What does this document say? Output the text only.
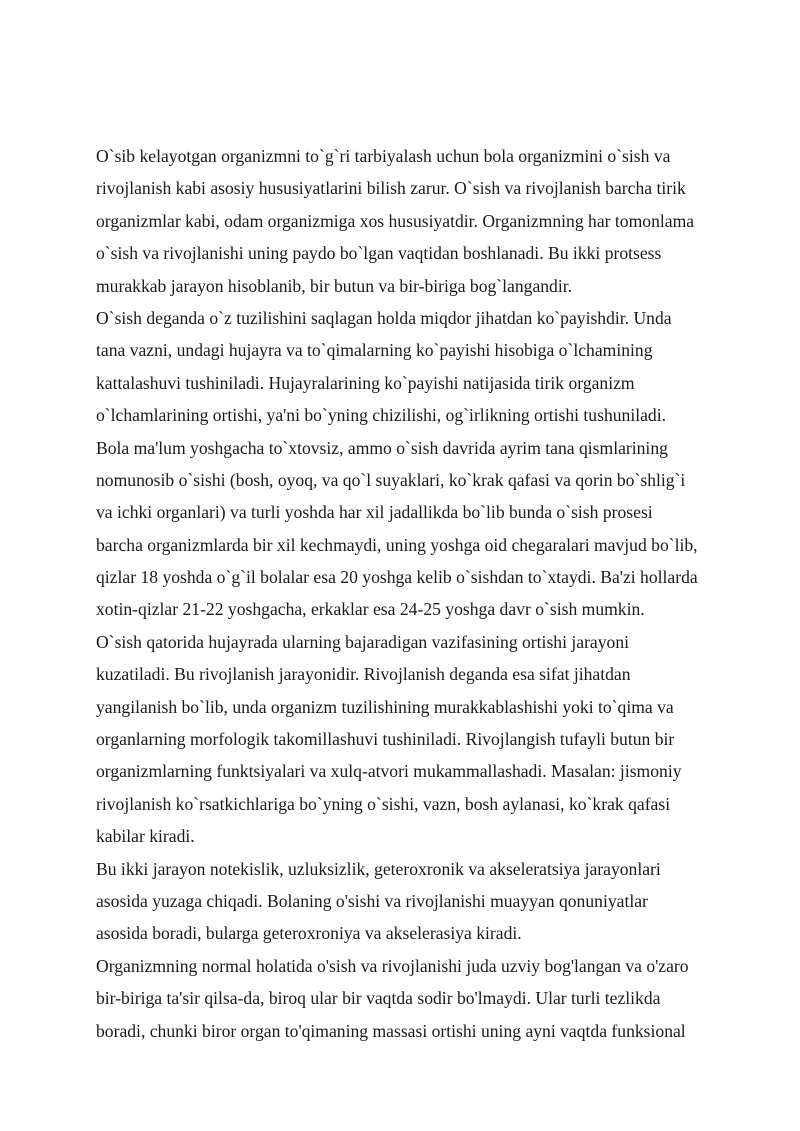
O`sib kelayotgan organizmni to`g`ri tarbiyalash uchun bola organizmini o`sish va
rivojlanish kabi asosiy hususiyatlarini bilish zarur. O`sish va rivojlanish barcha tirik
organizmlar kabi, odam organizmiga xos hususiyatdir. Organizmning har tomonlama
o`sish va rivojlanishi uning paydo bo`lgan vaqtidan boshlanadi. Bu ikki protsess
murakkab jarayon hisoblanib, bir butun va bir-biriga bog`langandir.
O`sish deganda o`z tuzilishini saqlagan holda miqdor jihatdan ko`payishdir. Unda
tana vazni, undagi hujayra va to`qimalarning ko`payishi hisobiga o`lchamining
kattalashuvi tushiniladi. Hujayralarining ko`payishi natijasida tirik organizm
o`lchamlarining ortishi, ya'ni bo`yning chizilishi, og`irlikning ortishi tushuniladi.
Bola ma'lum yoshgacha to`xtovsiz, ammo o`sish davrida ayrim tana qismlarining
nomunosib o`sishi (bosh, oyoq, va qo`l suyaklari, ko`krak qafasi va qorin bo`shlig`i
va ichki organlari) va turli yoshda har xil jadallikda bo`lib bunda o`sish prosesi
barcha organizmlarda bir xil kechmaydi, uning yoshga oid chegaralari mavjud bo`lib,
qizlar 18 yoshda o`g`il bolalar esa 20 yoshga kelib o`sishdan to`xtaydi. Ba'zi hollarda
xotin-qizlar 21-22 yoshgacha, erkaklar esa 24-25 yoshga davr o`sish mumkin.
O`sish qatorida hujayrada ularning bajaradigan vazifasining ortishi jarayoni
kuzatiladi. Bu rivojlanish jarayonidir. Rivojlanish deganda esa sifat jihatdan
yangilanish bo`lib, unda organizm tuzilishining murakkablashishi yoki to`qima va
organlarning morfologik takomillashuvi tushiniladi. Rivojlangish tufayli butun bir
organizmlarning funktsiyalari va xulq-atvori mukammallashadi. Masalan: jismoniy
rivojlanish ko`rsatkichlariga bo`yning o`sishi, vazn, bosh aylanasi, ko`krak qafasi
kabilar kiradi.
Bu ikki jarayon notekislik, uzluksizlik, geteroxronik va akseleratsiya jarayonlari
asosida yuzaga chiqadi. Bolaning o'sishi va rivojlanishi muayyan qonuniyatlar
asosida boradi, bularga geteroxroniya va akselerasiya kiradi.
Organizmning normal holatida o'sish va rivojlanishi juda uzviy bog'langan va o'zaro
bir-biriga ta'sir qilsa-da, biroq ular bir vaqtda sodir bo'lmaydi. Ular turli tezlikda
boradi, chunki biror organ to'qimaning massasi ortishi uning ayni vaqtda funksional
